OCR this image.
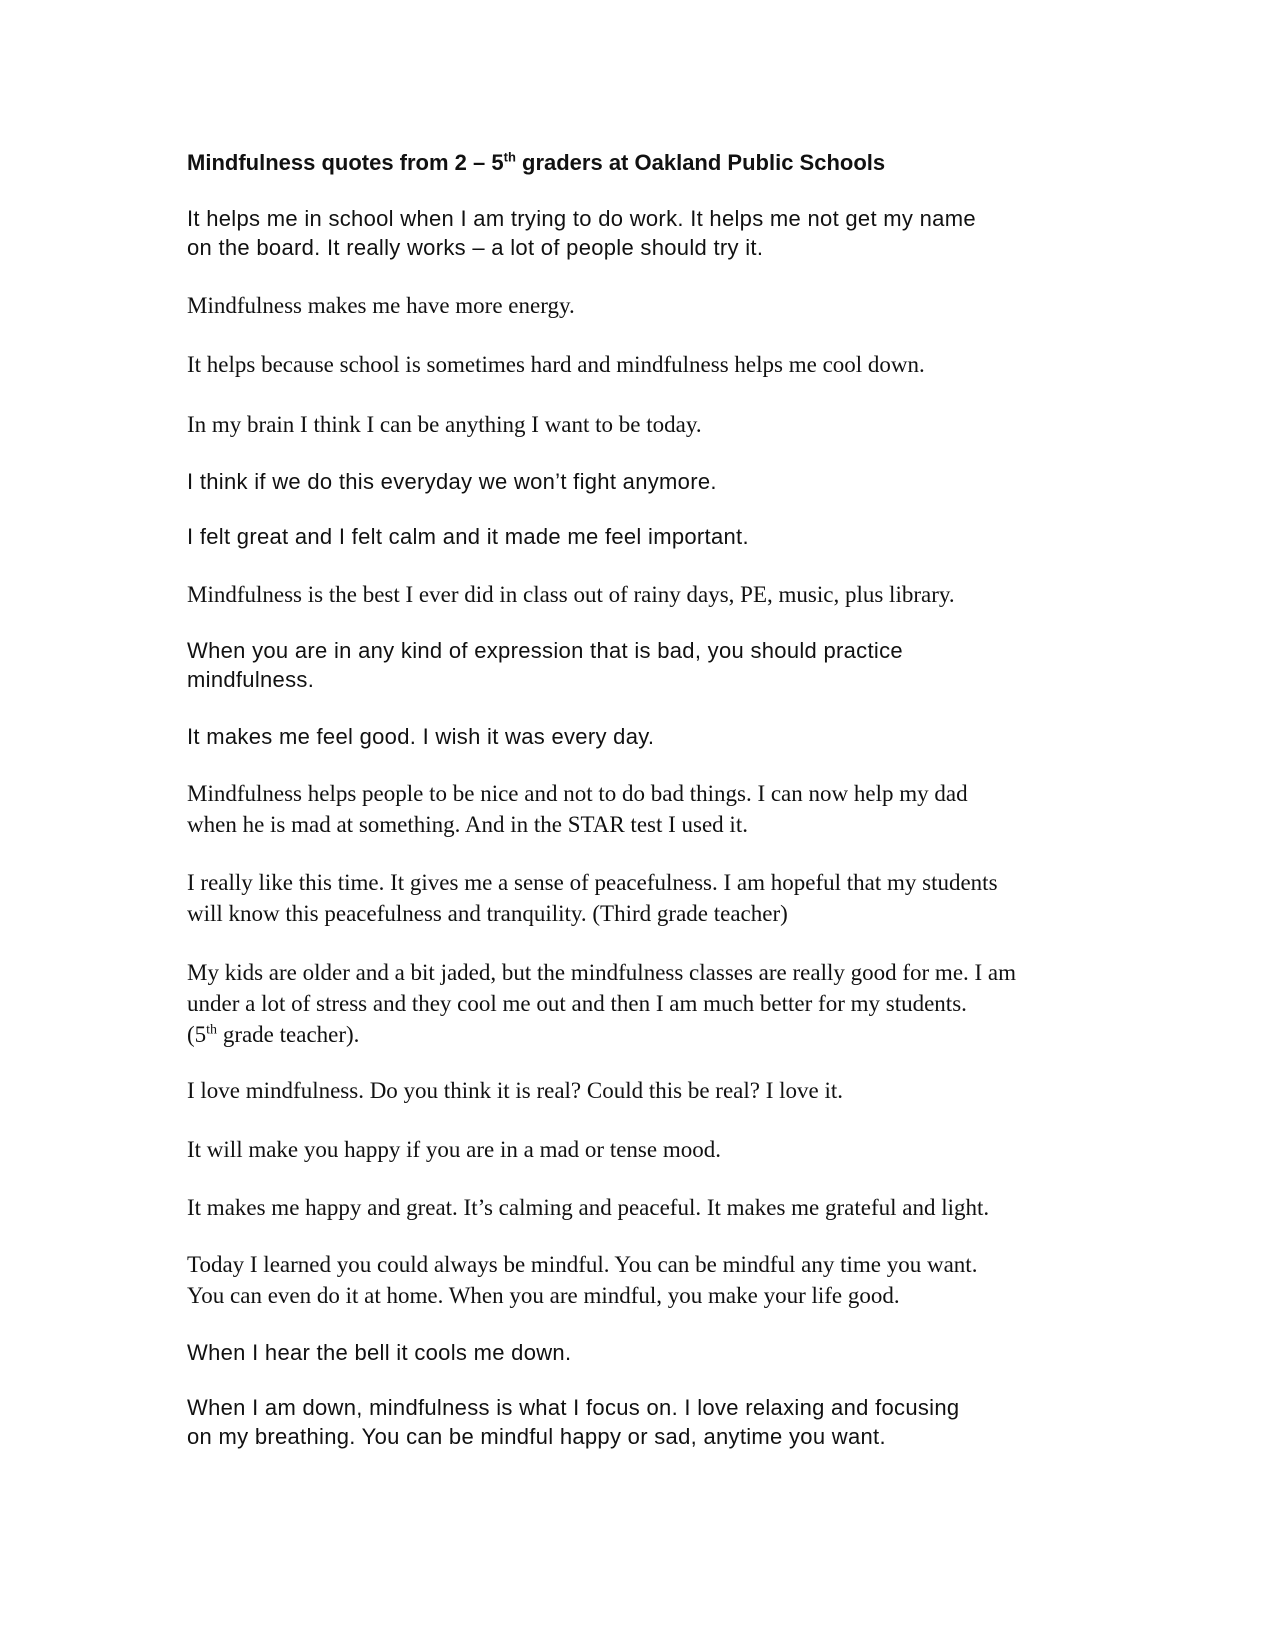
Mindfulness quotes from 2 – 5th graders at Oakland Public Schools

It helps me in school when I am trying to do work. It helps me not get my name
on the board. It really works – a lot of people should try it.

Mindfulness makes me have more energy.

It helps because school is sometimes hard and mindfulness helps me cool down.

In my brain I think I can be anything I want to be today.

I think if we do this everyday we won’t fight anymore.

I felt great and I felt calm and it made me feel important.

Mindfulness is the best I ever did in class out of rainy days, PE, music, plus library.

When you are in any kind of expression that is bad, you should practice
mindfulness.

It makes me feel good. I wish it was every day.

Mindfulness helps people to be nice and not to do bad things. I can now help my dad
when he is mad at something. And in the STAR test I used it.

I really like this time. It gives me a sense of peacefulness. I am hopeful that my students
will know this peacefulness and tranquility. (Third grade teacher)

My kids are older and a bit jaded, but the mindfulness classes are really good for me. I am
under a lot of stress and they cool me out and then I am much better for my students.
(5th grade teacher).

I love mindfulness. Do you think it is real? Could this be real? I love it.

It will make you happy if you are in a mad or tense mood.

It makes me happy and great. It’s calming and peaceful. It makes me grateful and light.

Today I learned you could always be mindful. You can be mindful any time you want.
You can even do it at home. When you are mindful, you make your life good.

When I hear the bell it cools me down.

When I am down, mindfulness is what I focus on. I love relaxing and focusing
on my breathing. You can be mindful happy or sad, anytime you want.
